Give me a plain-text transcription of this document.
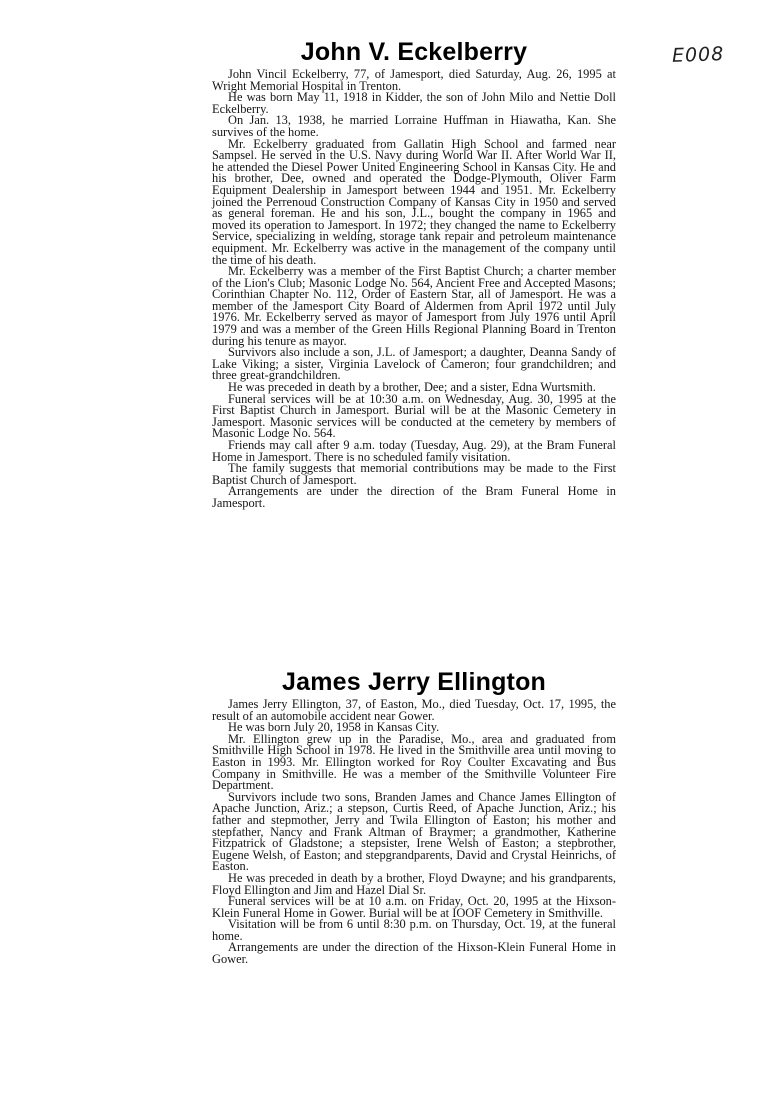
E008
John V. Eckelberry

John Vincil Eckelberry, 77, of Jamesport, died Saturday, Aug. 26, 1995 at Wright Memorial Hospital in Trenton.

He was born May 11, 1918 in Kidder, the son of John Milo and Nettie Doll Eckelberry.

On Jan. 13, 1938, he married Lorraine Huffman in Hiawatha, Kan. She survives of the home.

Mr. Eckelberry graduated from Gallatin High School and farmed near Sampsel. He served in the U.S. Navy during World War II. After World War II, he attended the Diesel Power United Engineering School in Kansas City. He and his brother, Dee, owned and operated the Dodge-Plymouth, Oliver Farm Equipment Dealership in Jamesport between 1944 and 1951. Mr. Eckelberry joined the Perrenoud Construction Company of Kansas City in 1950 and served as general foreman. He and his son, J.L., bought the company in 1965 and moved its operation to Jamesport. In 1972; they changed the name to Eckelberry Service, specializing in welding, storage tank repair and petroleum maintenance equipment. Mr. Eckelberry was active in the management of the company until the time of his death.

Mr. Eckelberry was a member of the First Baptist Church; a charter member of the Lion's Club; Masonic Lodge No. 564, Ancient Free and Accepted Masons; Corinthian Chapter No. 112, Order of Eastern Star, all of Jamesport. He was a member of the Jamesport City Board of Aldermen from April 1972 until July 1976. Mr. Eckelberry served as mayor of Jamesport from July 1976 until April 1979 and was a member of the Green Hills Regional Planning Board in Trenton during his tenure as mayor.

Survivors also include a son, J.L. of Jamesport; a daughter, Deanna Sandy of Lake Viking; a sister, Virginia Lavelock of Cameron; four grandchildren; and three great-grandchildren.

He was preceded in death by a brother, Dee; and a sister, Edna Wurtsmith.

Funeral services will be at 10:30 a.m. on Wednesday, Aug. 30, 1995 at the First Baptist Church in Jamesport. Burial will be at the Masonic Cemetery in Jamesport. Masonic services will be conducted at the cemetery by members of Masonic Lodge No. 564.

Friends may call after 9 a.m. today (Tuesday, Aug. 29), at the Bram Funeral Home in Jamesport. There is no scheduled family visitation.

The family suggests that memorial contributions may be made to the First Baptist Church of Jamesport.

Arrangements are under the direction of the Bram Funeral Home in Jamesport.

James Jerry Ellington

James Jerry Ellington, 37, of Easton, Mo., died Tuesday, Oct. 17, 1995, the result of an automobile accident near Gower.

He was born July 20, 1958 in Kansas City.

Mr. Ellington grew up in the Paradise, Mo., area and graduated from Smithville High School in 1978. He lived in the Smithville area until moving to Easton in 1993. Mr. Ellington worked for Roy Coulter Excavating and Bus Company in Smithville. He was a member of the Smithville Volunteer Fire Department.

Survivors include two sons, Branden James and Chance James Ellington of Apache Junction, Ariz.; a stepson, Curtis Reed, of Apache Junction, Ariz.; his father and stepmother, Jerry and Twila Ellington of Easton; his mother and stepfather, Nancy and Frank Altman of Braymer; a grandmother, Katherine Fitzpatrick of Gladstone; a stepsister, Irene Welsh of Easton; a stepbrother, Eugene Welsh, of Easton; and stepgrandparents, David and Crystal Heinrichs, of Easton.

He was preceded in death by a brother, Floyd Dwayne; and his grandparents, Floyd Ellington and Jim and Hazel Dial Sr.

Funeral services will be at 10 a.m. on Friday, Oct. 20, 1995 at the Hixson-Klein Funeral Home in Gower. Burial will be at IOOF Cemetery in Smithville.

Visitation will be from 6 until 8:30 p.m. on Thursday, Oct. 19, at the funeral home.

Arrangements are under the direction of the Hixson-Klein Funeral Home in Gower.
